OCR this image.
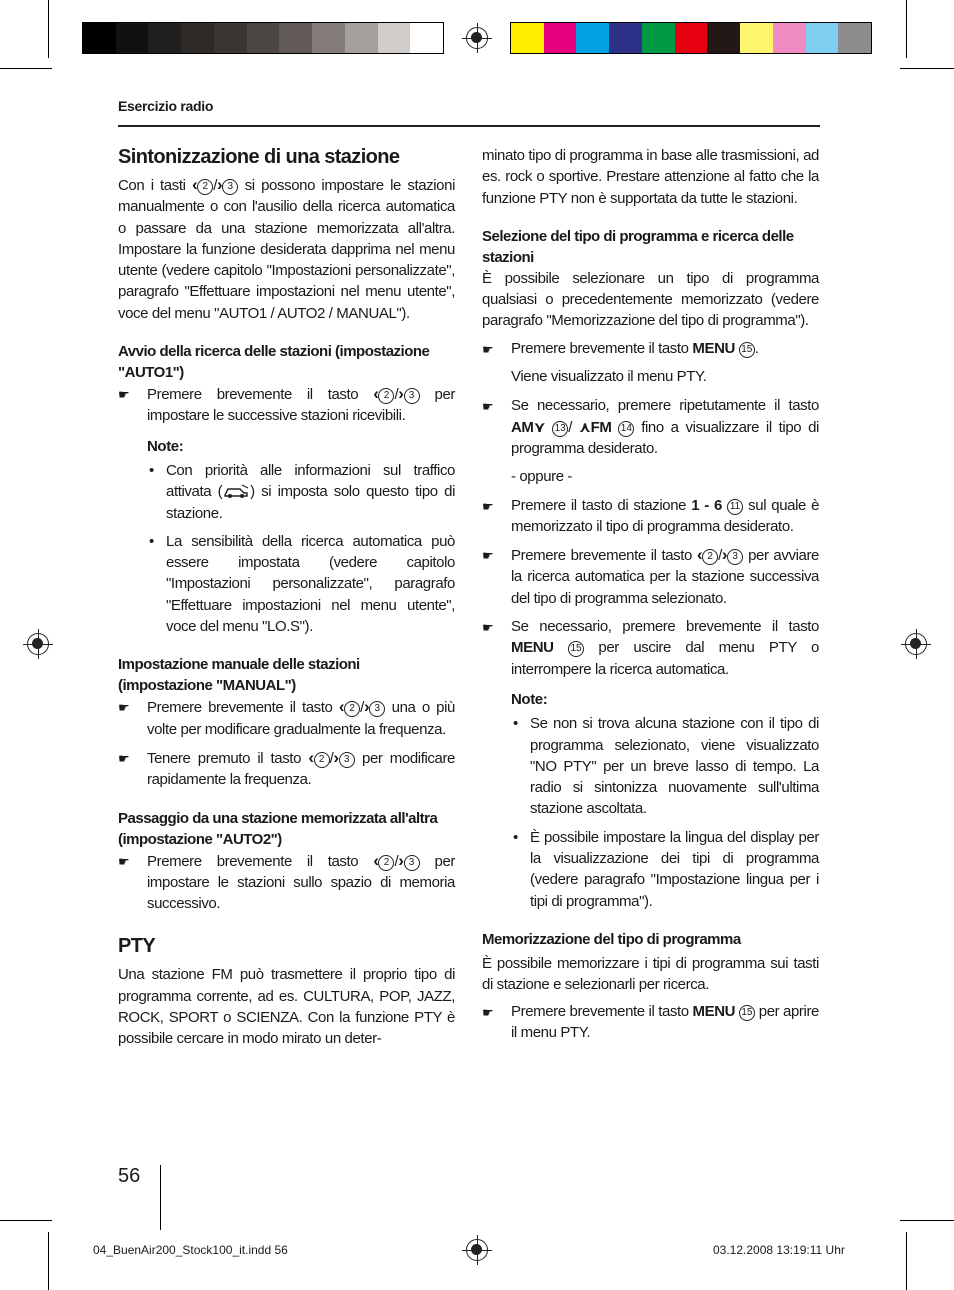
Esercizio radio
Sintonizzazione di una stazione

Con i tasti ‹ 2 /› 3 si possono impostare le stazioni manualmente o con l'ausilio della ricerca automatica o passare da una stazione memorizzata all'altra. Impostare la funzione desiderata dapprima nel menu utente (vedere capitolo "Impostazioni personalizzate", paragrafo "Effettuare impostazioni nel menu utente", voce del menu "AUTO1 / AUTO2 / MANUAL").

Avvio della ricerca delle stazioni (impostazione "AUTO1")
☛	Premere brevemente il tasto ‹ 2 /› 3 per impostare le successive stazioni ricevibili.
Note:
• Con priorità alle informazioni sul traffico attivata ( ) si imposta solo questo tipo di stazione.
• La sensibilità della ricerca automatica può essere impostata (vedere capitolo "Impostazioni personalizzate", paragrafo "Effettuare impostazioni nel menu utente", voce del menu "LO.S").
Impostazione manuale delle stazioni (impostazione "MANUAL")
☛	Premere brevemente il tasto ‹ 2 /› 3 una o più volte per modificare gradualmente la frequenza.
☛	Tenere premuto il tasto ‹ 2 /› 3 per modificare rapidamente la frequenza.
Passaggio da una stazione memorizzata all'altra (impostazione "AUTO2")
☛	Premere brevemente il tasto ‹ 2 /› 3 per impostare le stazioni sullo spazio di memoria successivo.
PTY

Una stazione FM può trasmettere il proprio tipo di programma corrente, ad es. CULTURA, POP, JAZZ, ROCK, SPORT o SCIENZA. Con la funzione PTY è possibile cercare in modo mirato un deter-

minato tipo di programma in base alle trasmissioni, ad es. rock o sportive. Prestare attenzione al fatto che la funzione PTY non è supportata da tutte le stazioni.

Selezione del tipo di programma e ricerca delle stazioni

È possibile selezionare un tipo di programma qualsiasi o precedentemente memorizzato (vedere paragrafo "Memorizzazione del tipo di programma").

☛	Premere brevemente il tasto MENU 15 .
Viene visualizzato il menu PTY.
☛	Se necessario, premere ripetutamente il tasto AM⋎ 13 / ⋏FM 14 fino a visualizzare il tipo di programma desiderato.
- oppure -
☛	Premere il tasto di stazione 1 - 6 11 sul quale è memorizzato il tipo di programma desiderato.
☛	Premere brevemente il tasto ‹ 2 /› 3 per avviare la ricerca automatica per la stazione successiva del tipo di programma selezionato.
☛	Se necessario, premere brevemente il tasto MENU 15 per uscire dal menu PTY o interrompere la ricerca automatica.
Note:
• Se non si trova alcuna stazione con il tipo di programma selezionato, viene visualizzato "NO PTY" per un breve lasso di tempo. La radio si sintonizza nuovamente sull'ultima stazione ascoltata.
• È possibile impostare la lingua del display per la visualizzazione dei tipi di programma (vedere paragrafo "Impostazione lingua per i tipi di programma").
Memorizzazione del tipo di programma

È possibile memorizzare i tipi di programma sui tasti di stazione e selezionarli per ricerca.

☛	Premere brevemente il tasto MENU 15 per aprire il menu PTY.
56
04_BuenAir200_Stock100_it.indd 56	03.12.2008 13:19:11 Uhr
